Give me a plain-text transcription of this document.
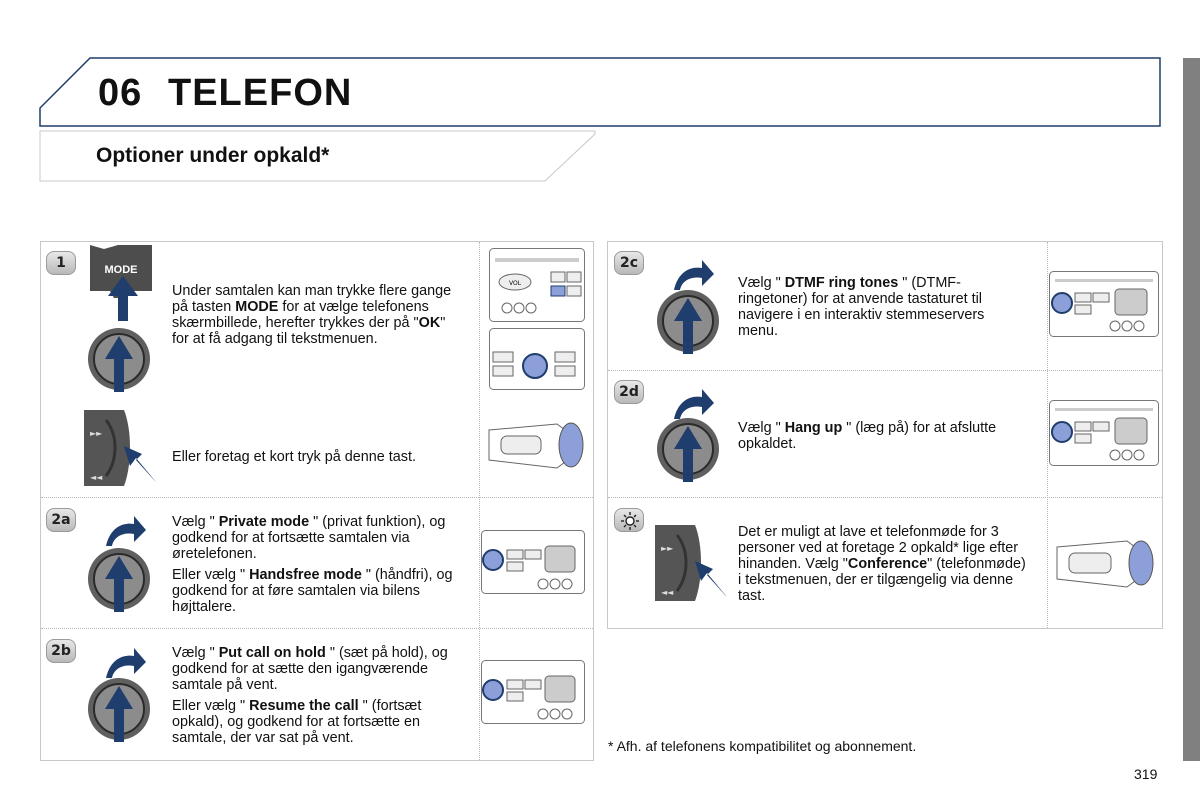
06 TELEFON
Optioner under opkald*
1
2a
2b
2c
2d
MODE
►►
◄◄
VOL

Under samtalen kan man trykke flere gange på tasten MODE for at vælge telefonens skærmbillede, herefter trykkes der på "OK" for at få adgang til tekstmenuen.

Eller foretag et kort tryk på denne tast.

Vælg " Private mode " (privat funktion), og godkend for at fortsætte samtalen via øretelefonen.

Eller vælg " Handsfree mode " (håndfri), og godkend for at føre samtalen via bilens højttalere.

Vælg " Put call on hold " (sæt på hold), og godkend for at sætte den igangværende samtale på vent.

Eller vælg " Resume the call " (fortsæt opkald), og godkend for at fortsætte en samtale, der var sat på vent.

Vælg " DTMF ring tones " (DTMF-ringetoner) for at anvende tastaturet til navigere i en interaktiv stemmeservers menu.

Vælg " Hang up " (læg på) for at afslutte opkaldet.

►►
◄◄

Det er muligt at lave et telefonmøde for 3 personer ved at foretage 2 opkald* lige efter hinanden. Vælg "Conference" (telefonmøde) i tekstmenuen, der er tilgængelig via denne tast.

* Afh. af telefonens kompatibilitet og abonnement.
319
